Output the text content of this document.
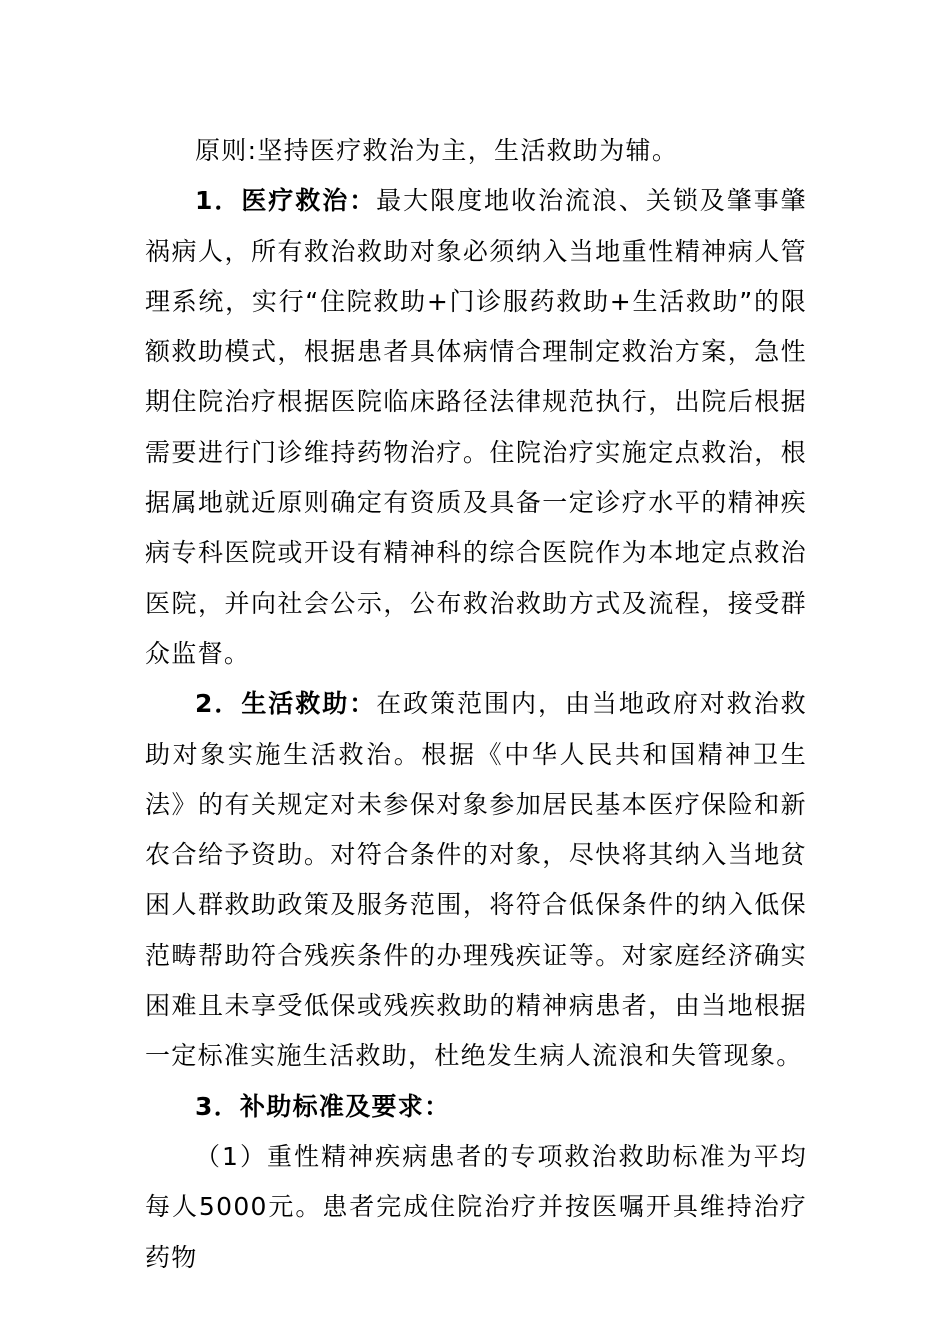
原则:坚持医疗救治为主，生活救助为辅。

1．医疗救治：最大限度地收治流浪、关锁及肇事肇祸病人，所有救治救助对象必须纳入当地重性精神病人管理系统，实行“住院救助+门诊服药救助+生活救助”的限额救助模式，根据患者具体病情合理制定救治方案，急性期住院治疗根据医院临床路径法律规范执行，出院后根据需要进行门诊维持药物治疗。住院治疗实施定点救治，根据属地就近原则确定有资质及具备一定诊疗水平的精神疾病专科医院或开设有精神科的综合医院作为本地定点救治医院，并向社会公示，公布救治救助方式及流程，接受群众监督。

2．生活救助：在政策范围内，由当地政府对救治救助对象实施生活救治。根据《中华人民共和国精神卫生法》的有关规定对未参保对象参加居民基本医疗保险和新农合给予资助。对符合条件的对象，尽快将其纳入当地贫困人群救助政策及服务范围，将符合低保条件的纳入低保范畴帮助符合残疾条件的办理残疾证等。对家庭经济确实困难且未享受低保或残疾救助的精神病患者，由当地根据一定标准实施生活救助，杜绝发生病人流浪和失管现象。

3．补助标准及要求：

（1）重性精神疾病患者的专项救治救助标准为平均每人5000元。患者完成住院治疗并按医嘱开具维持治疗药物
